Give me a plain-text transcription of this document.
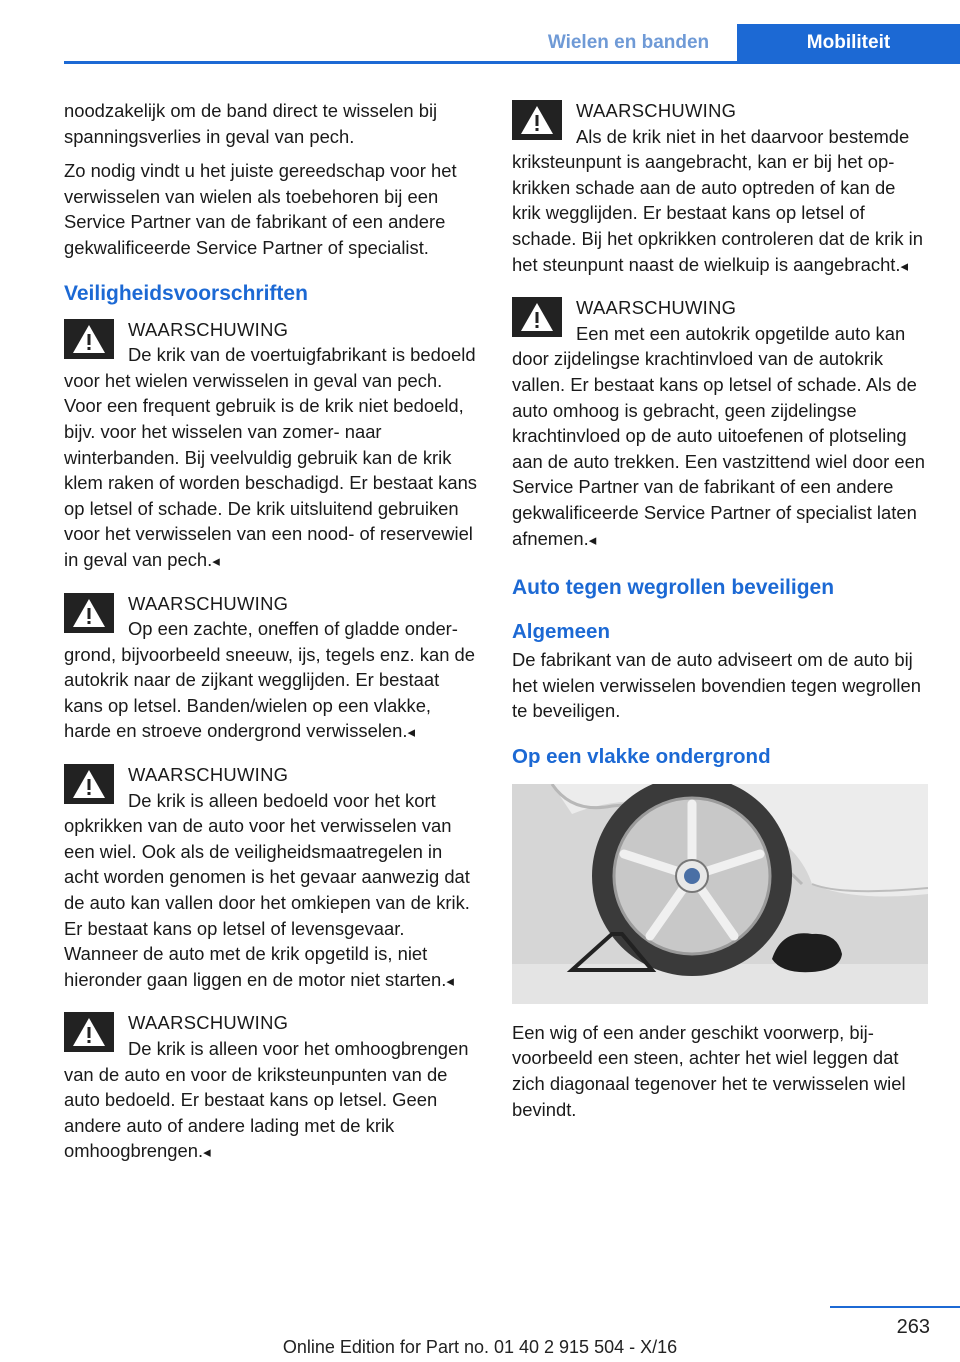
Wielen en banden	Mobiliteit

noodzakelijk om de band direct te wisselen bij spanningsverlies in geval van pech.

Zo nodig vindt u het juiste gereedschap voor het verwisselen van wielen als toebehoren bij een Service Partner van de fabrikant of een andere gekwalificeerde Service Partner of specialist.

Veiligheidsvoorschriften

WAARSCHUWING
De krik van de voertuigfabrikant is bedoeld voor het wielen verwisselen in geval van pech. Voor een frequent gebruik is de krik niet bedoeld, bijv. voor het wisselen van zomer- naar winterbanden. Bij veelvuldig gebruik kan de krik klem raken of worden beschadigd. Er bestaat kans op letsel of schade. De krik uitsluitend gebruiken voor het verwisselen van een nood- of reservewiel in geval van pech.◂
WAARSCHUWING
Op een zachte, oneffen of gladde ondergrond, bijvoorbeeld sneeuw, ijs, tegels enz. kan de autokrik naar de zijkant wegglijden. Er bestaat kans op letsel. Banden/wielen op een vlakke, harde en stroeve ondergrond verwisselen.◂
WAARSCHUWING
De krik is alleen bedoeld voor het kort opkrikken van de auto voor het verwisselen van een wiel. Ook als de veiligheidsmaatregelen in acht worden genomen is het gevaar aanwezig dat de auto kan vallen door het omkiepen van de krik. Er bestaat kans op letsel of levensgevaar. Wanneer de auto met de krik opgetild is, niet hieronder gaan liggen en de motor niet starten.◂
WAARSCHUWING
De krik is alleen voor het omhoogbrengen van de auto en voor de kriksteunpunten van de auto bedoeld. Er bestaat kans op letsel. Geen andere auto of andere lading met de krik omhoogbrengen.◂
WAARSCHUWING
Als de krik niet in het daarvoor bestemde kriksteunpunt is aangebracht, kan er bij het opkrikken schade aan de auto optreden of kan de krik wegglijden. Er bestaat kans op letsel of schade. Bij het opkrikken controleren dat de krik in het steunpunt naast de wielkuip is aangebracht.◂
WAARSCHUWING
Een met een autokrik opgetilde auto kan door zijdelingse krachtinvloed van de autokrik vallen. Er bestaat kans op letsel of schade. Als de auto omhoog is gebracht, geen zijdelingse krachtinvloed op de auto uitoefenen of plotseling aan de auto trekken. Een vastzittend wiel door een Service Partner van de fabrikant of een andere gekwalificeerde Service Partner of specialist laten afnemen.◂

Auto tegen wegrollen beveiligen

Algemeen

De fabrikant van de auto adviseert om de auto bij het wielen verwisselen bovendien tegen wegrollen te beveiligen.

Op een vlakke ondergrond

Een wig of een ander geschikt voorwerp, bijvoorbeeld een steen, achter het wiel leggen dat zich diagonaal tegenover het te verwisselen wiel bevindt.

263
Online Edition for Part no. 01 40 2 915 504 - X/16
